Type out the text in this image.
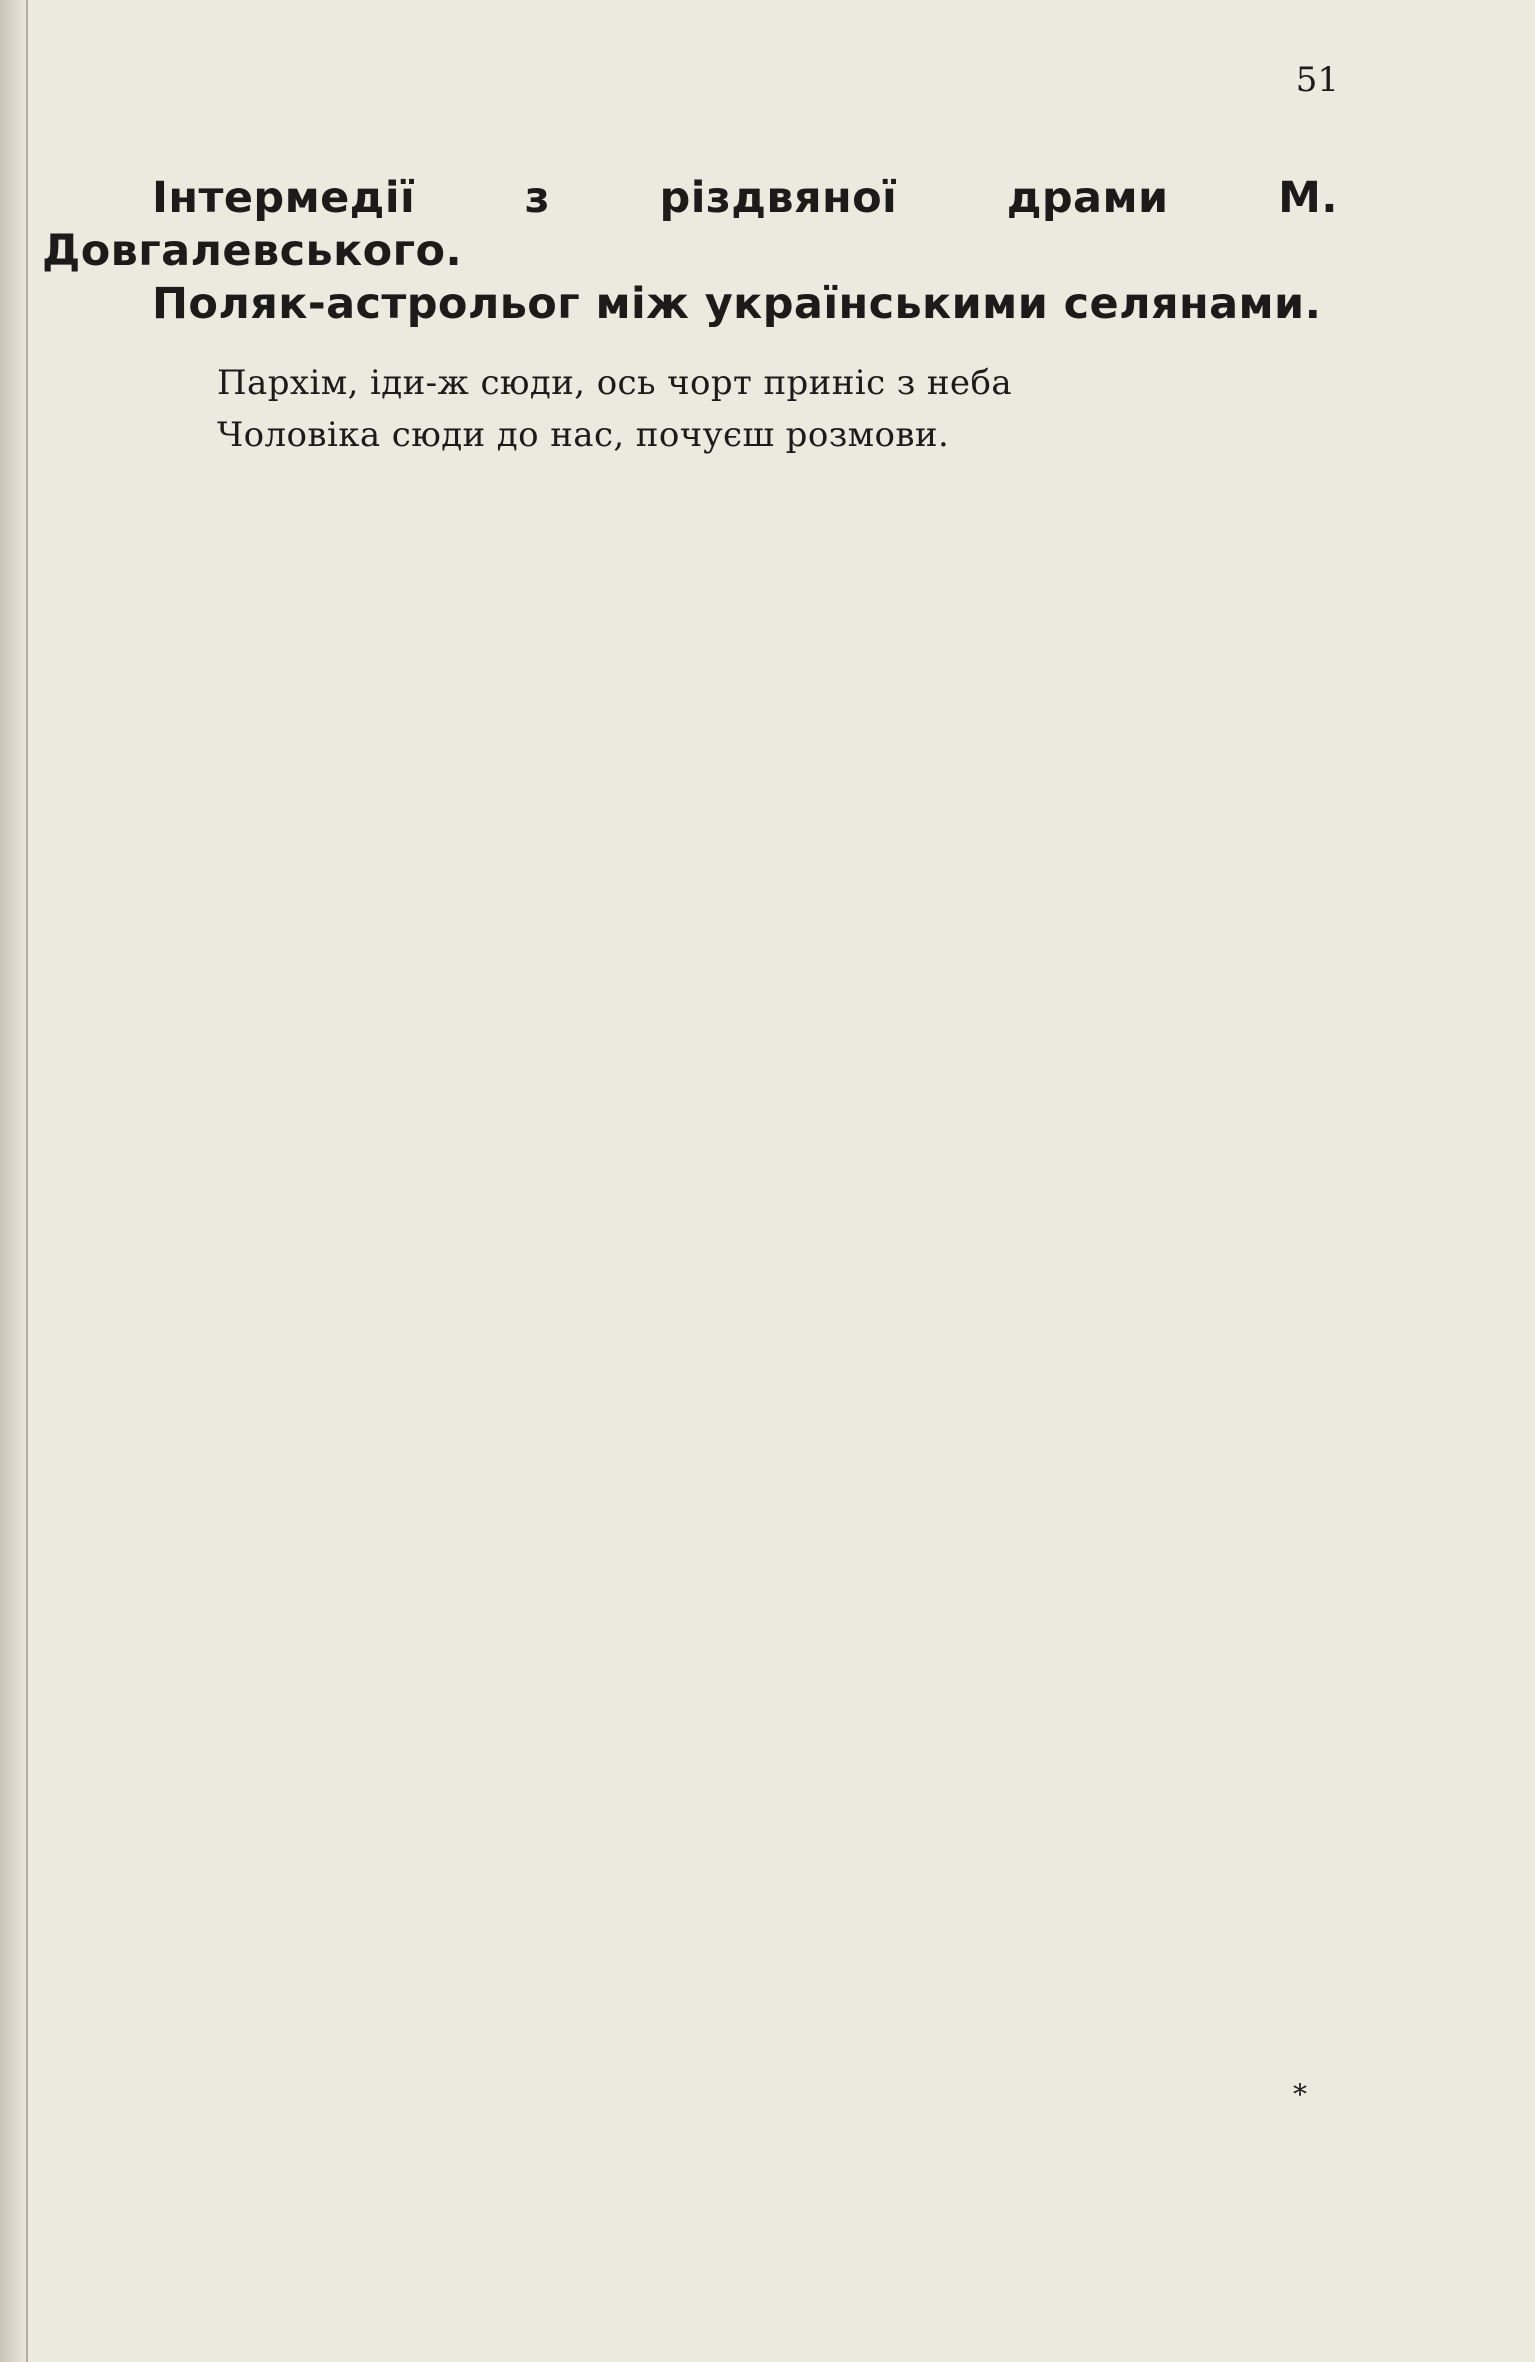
51

Інтермедії з різдвяної драми М. Довгалевського.

Поляк-астрольог між українськими селянами.

Пархім, іди-ж сюди, ось чорт приніс з неба
Чоловіка сюди до нас, почуєш розмови.

*
